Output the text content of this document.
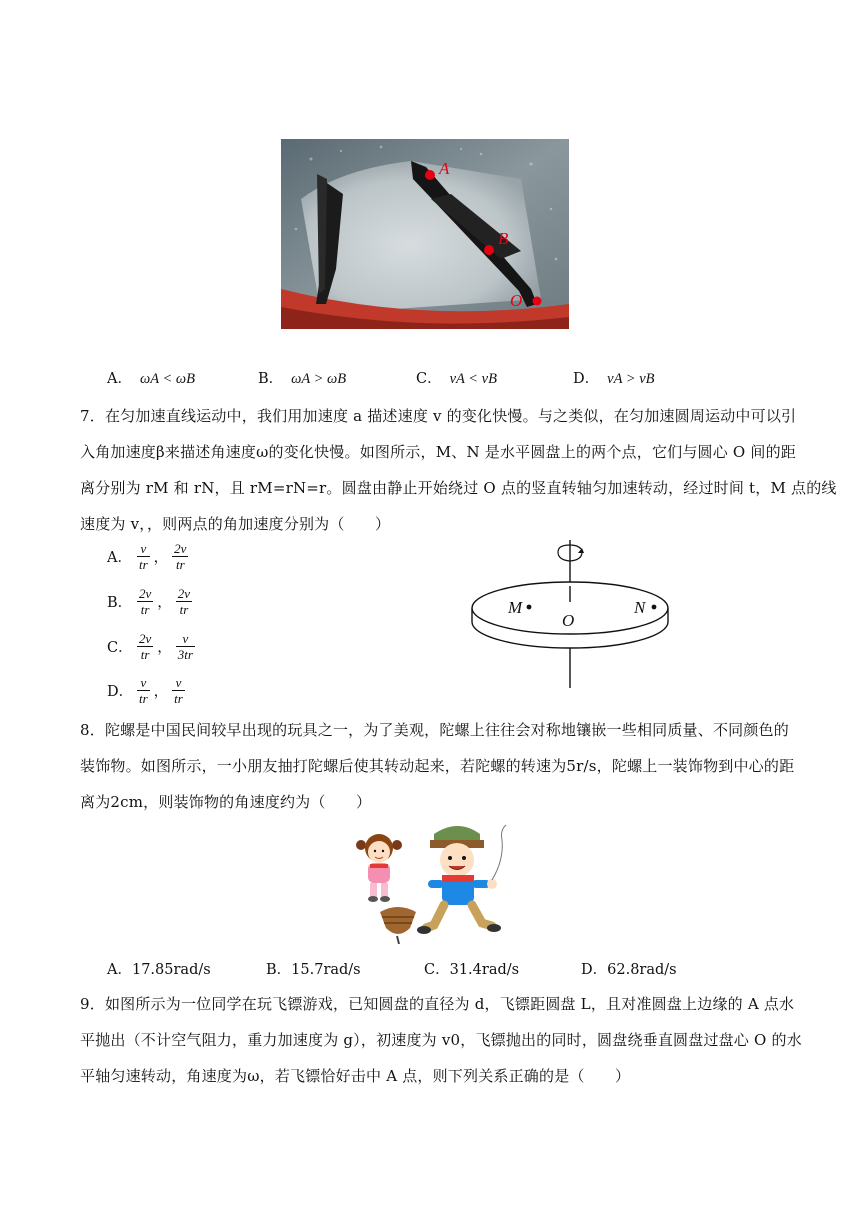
A
B
O
A． ωA < ωB	B． ωA > ωB	C． vA < vB	D． vA > vB
7．在匀加速直线运动中，我们用加速度 a 描述速度 v 的变化快慢。与之类似，在匀加速圆周运动中可以引
入角加速度β来描述角速度ω的变化快慢。如图所示，M、N 是水平圆盘上的两个点，它们与圆心 O 间的距
离分别为 rM 和 rN，且 rM=rN=r。圆盘由静止开始绕过 O 点的竖直转轴匀加速转动，经过时间 t，M 点的线
速度为 v，，则两点的角加速度分别为（　　）
A． $\frac{v}{tr}$ ， $\frac{2v}{tr}$
B． $\frac{2v}{tr}$ ， $\frac{2v}{tr}$
C． $\frac{2v}{tr}$ ， $\frac{v}{3tr}$
D． $\frac{v}{tr}$ ， $\frac{v}{tr}$
M	N
O
8．陀螺是中国民间较早出现的玩具之一，为了美观，陀螺上往往会对称地镶嵌一些相同质量、不同颜色的
装饰物。如图所示，一小朋友抽打陀螺后使其转动起来，若陀螺的转速为5r/s，陀螺上一装饰物到中心的距
离为2cm，则装饰物的角速度约为（　　）
A．17.85rad/s	B．15.7rad/s	C．31.4rad/s	D．62.8rad/s
9．如图所示为一位同学在玩飞镖游戏，已知圆盘的直径为 d，飞镖距圆盘 L，且对准圆盘上边缘的 A 点水
平抛出（不计空气阻力，重力加速度为 g），初速度为 v0，飞镖抛出的同时，圆盘绕垂直圆盘过盘心 O 的水
平轴匀速转动，角速度为ω，若飞镖恰好击中 A 点，则下列关系正确的是（　　）
